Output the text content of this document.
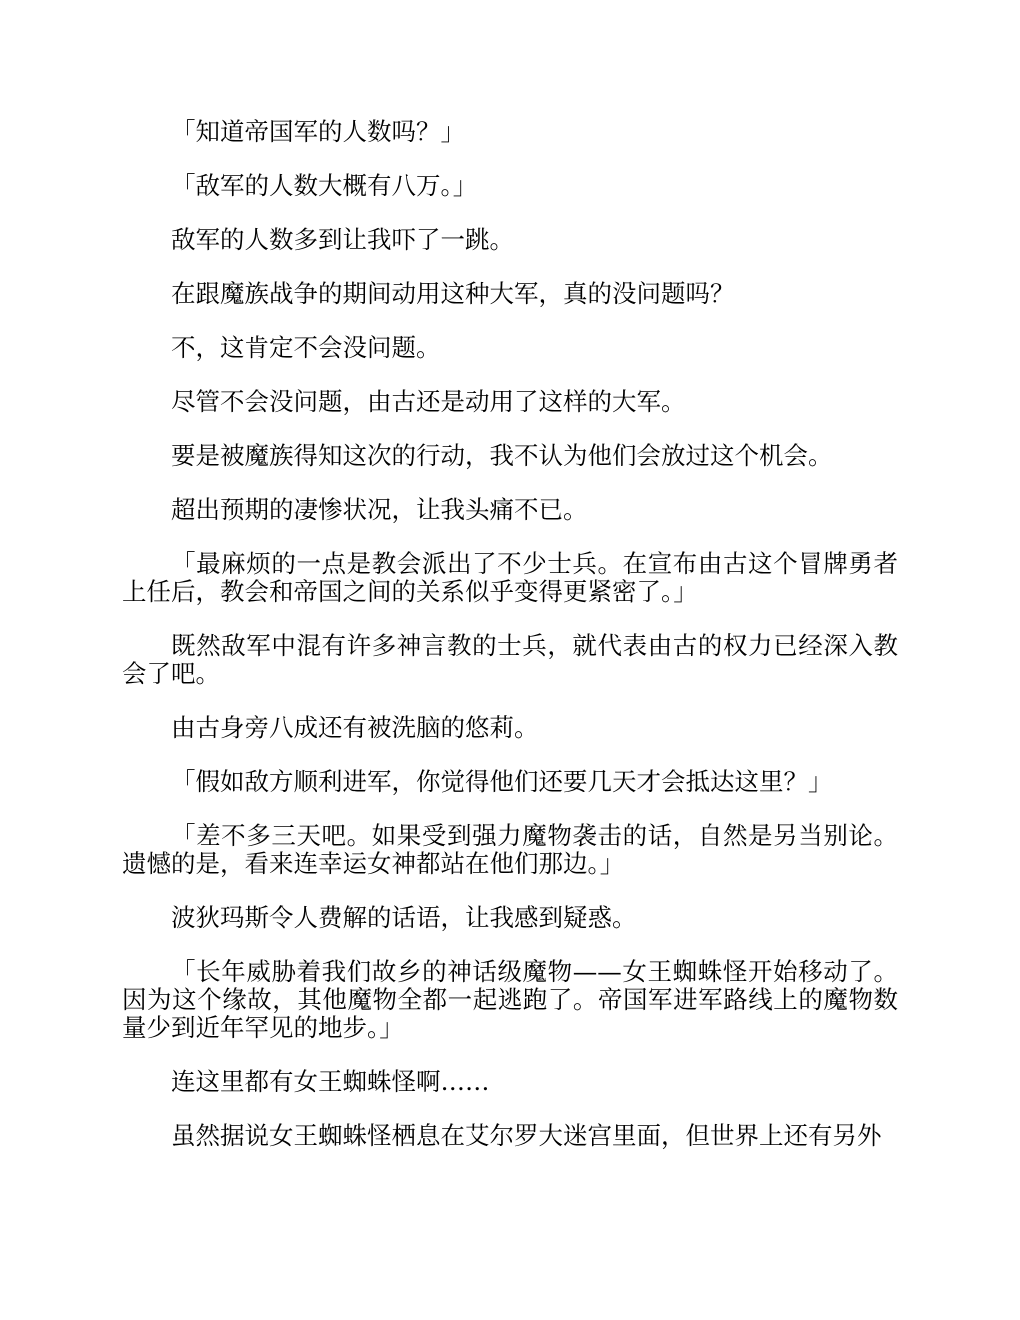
「知道帝国军的人数吗？」

「敌军的人数大概有八万。」

敌军的人数多到让我吓了一跳。

在跟魔族战争的期间动用这种大军，真的没问题吗？

不，这肯定不会没问题。

尽管不会没问题，由古还是动用了这样的大军。

要是被魔族得知这次的行动，我不认为他们会放过这个机会。

超出预期的凄惨状况，让我头痛不已。

「最麻烦的一点是教会派出了不少士兵。在宣布由古这个冒牌勇者上任后，教会和帝国之间的关系似乎变得更紧密了。」

既然敌军中混有许多神言教的士兵，就代表由古的权力已经深入教会了吧。

由古身旁八成还有被洗脑的悠莉。

「假如敌方顺利进军，你觉得他们还要几天才会抵达这里？」

「差不多三天吧。如果受到强力魔物袭击的话，自然是另当别论。遗憾的是，看来连幸运女神都站在他们那边。」

波狄玛斯令人费解的话语，让我感到疑惑。

「长年威胁着我们故乡的神话级魔物——女王蜘蛛怪开始移动了。因为这个缘故，其他魔物全都一起逃跑了。帝国军进军路线上的魔物数量少到近年罕见的地步。」

连这里都有女王蜘蛛怪啊……

虽然据说女王蜘蛛怪栖息在艾尔罗大迷宫里面，但世界上还有另外
